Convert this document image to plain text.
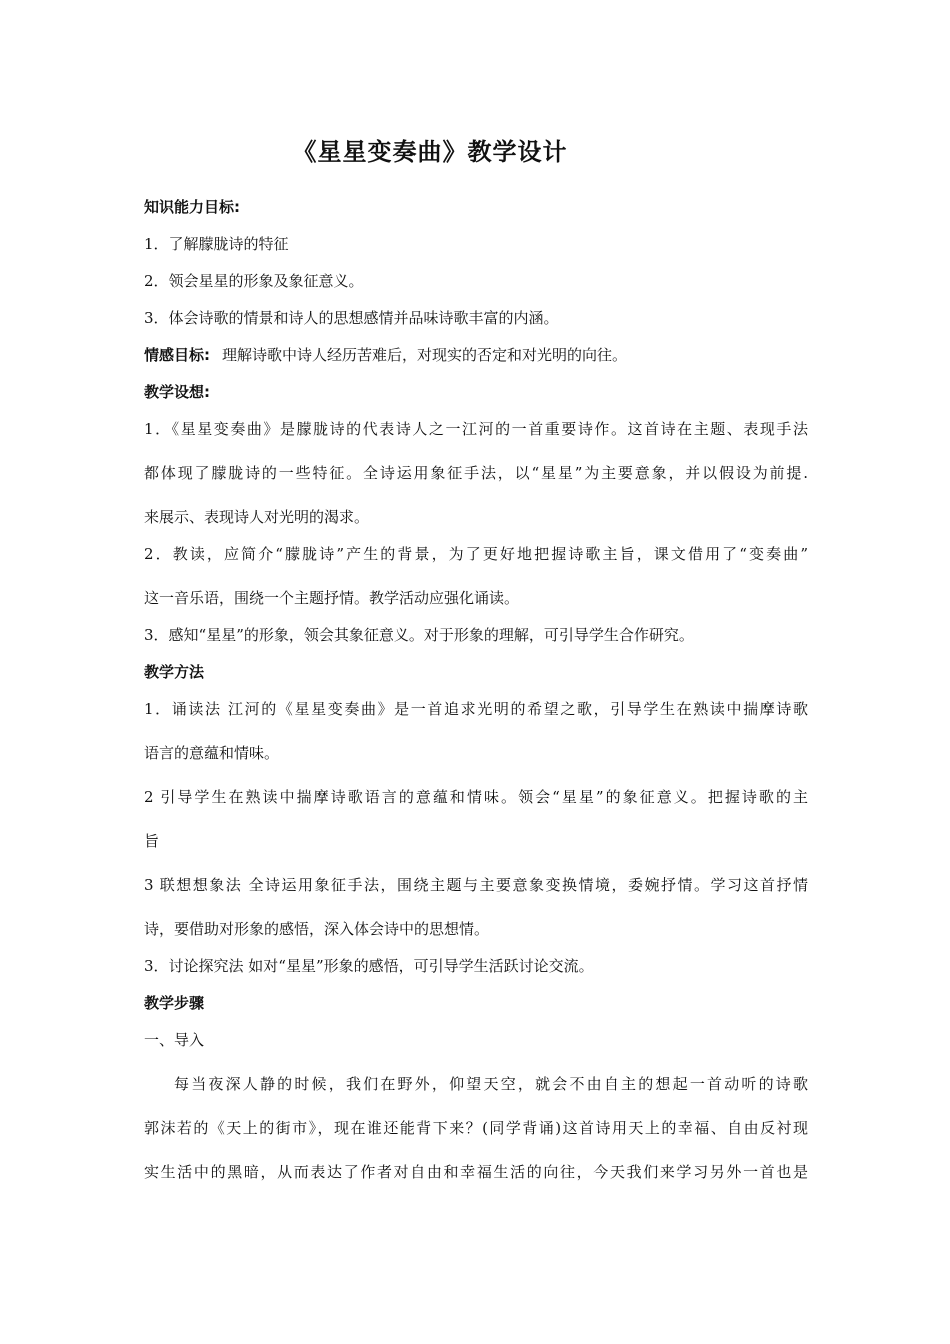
《星星变奏曲》教学设计
知识能力目标:
1．了解朦胧诗的特征
2．领会星星的形象及象征意义。
3．体会诗歌的情景和诗人的思想感情并品味诗歌丰富的内涵。
情感目标: 理解诗歌中诗人经历苦难后，对现实的否定和对光明的向往。
教学设想:
1．《星星变奏曲》是朦胧诗的代表诗人之一江河的一首重要诗作。这首诗在主题、表现手法
都体现了朦胧诗的一些特征。全诗运用象征手法，以“星星”为主要意象，并以假设为前提.
来展示、表现诗人对光明的渴求。
2．教读，应简介“朦胧诗”产生的背景，为了更好地把握诗歌主旨，课文借用了“变奏曲”
这一音乐语，围绕一个主题抒情。教学活动应强化诵读。
3．感知“星星”的形象，领会其象征意义。对于形象的理解，可引导学生合作研究。
教学方法
1．诵读法 江河的《星星变奏曲》是一首追求光明的希望之歌，引导学生在熟读中揣摩诗歌
语言的意蕴和情味。
2 引导学生在熟读中揣摩诗歌语言的意蕴和情味。领会“星星”的象征意义。把握诗歌的主
旨
3 联想想象法 全诗运用象征手法，围绕主题与主要意象变换情境，委婉抒情。学习这首抒情
诗，要借助对形象的感悟，深入体会诗中的思想情。
3．讨论探究法 如对“星星”形象的感悟，可引导学生活跃讨论交流。
教学步骤
一、导入
每当夜深人静的时候，我们在野外，仰望天空，就会不由自主的想起一首动听的诗歌
郭沫若的《天上的街市》，现在谁还能背下来？(同学背诵)这首诗用天上的幸福、自由反衬现
实生活中的黑暗，从而表达了作者对自由和幸福生活的向往，今天我们来学习另外一首也是
